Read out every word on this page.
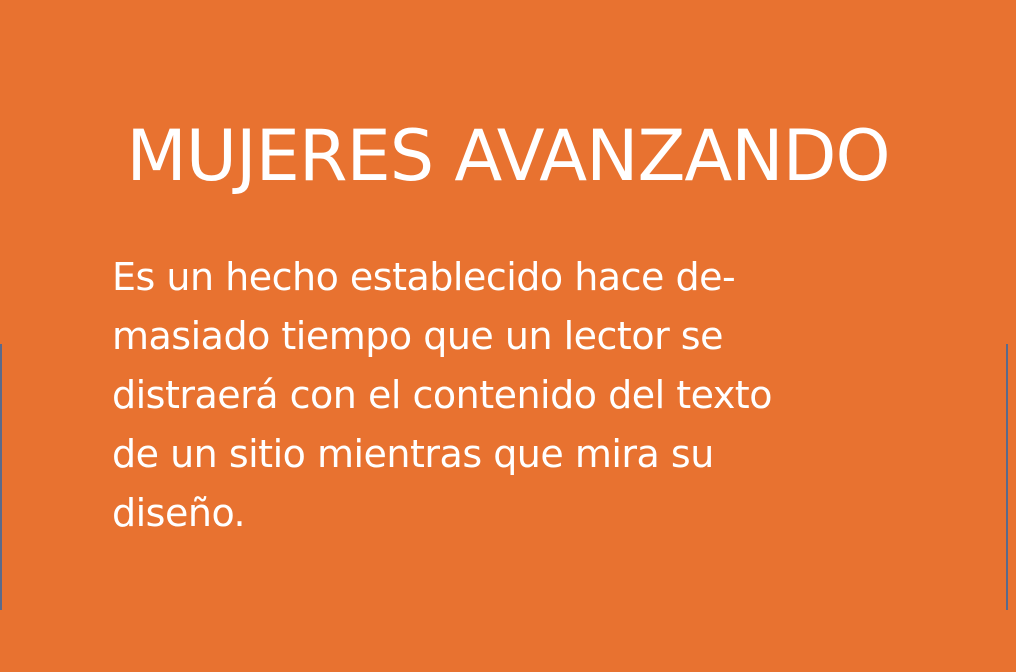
MUJERES AVANZANDO

Es un hecho establecido hace de-
masiado tiempo que un lector se
distraerá con el contenido del texto
de un sitio mientras que mira su
diseño.
